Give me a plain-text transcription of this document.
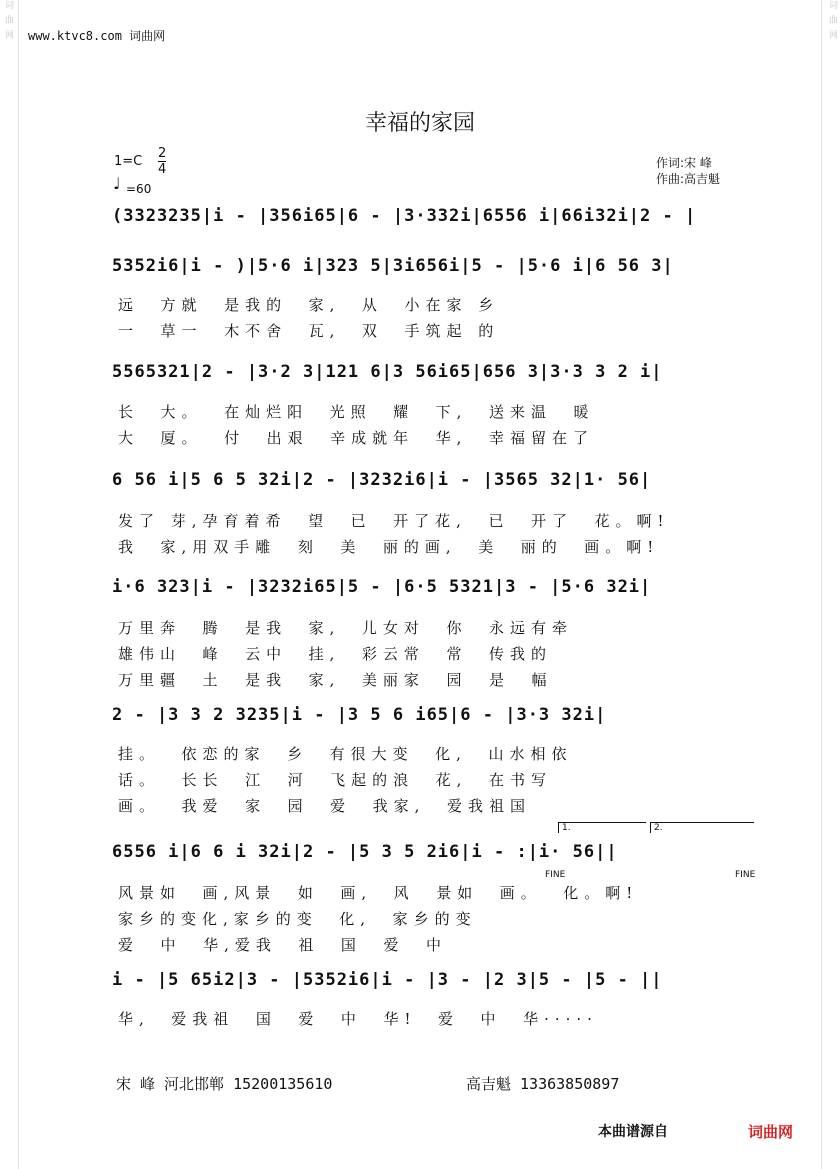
词曲网	词曲网
www.ktvc8.com 词曲网
幸福的家园
$1=C \frac{2}{4}$
♩ =60
作词:宋 峰
作曲:高吉魁
(3323235|i - |356i65|6 - |3·332i|6556 i|66i32i|2 - |
5352i6|i - )|5·6 i|323 5|3i656i|5 - |5·6 i|6 56 3|
远  方就  是我的  家,  从  小在家 乡
一  草一  木不舍  瓦,  双  手筑起 的
5565321|2 - |3·2 3|121 6|3 56i65|656 3|3·3 3 2 i|
长  大。  在灿烂阳  光照  耀  下,  送来温  暖
大  厦。  付  出艰  辛成就年  华,  幸福留在了
6 56 i|5 6 5 32i|2 - |3232i6|i - |3565 32|1· 56|
发了 芽,孕育着希  望  已  开了花,  已  开了  花。啊!
我  家,用双手雕  刻  美  丽的画,  美  丽的  画。啊!
i·6 323|i - |3232i65|5 - |6·5 5321|3 - |5·6 32i|
万里奔  腾  是我  家,  儿女对  你  永远有牵
雄伟山  峰  云中  挂,  彩云常  常  传我的
万里疆  土  是我  家,  美丽家  园  是  幅
2 - |3 3 2 3235|i - |3 5 6 i65|6 - |3·3 32i|
挂。  依恋的家  乡  有很大变  化,  山水相依
话。  长长  江  河  飞起的浪  花,  在书写
画。  我爱  家  园  爱  我家,  爱我祖国
1.	2.
6556 i|6 6 i 32i|2 - |5 3 5 2i6|i - :|i· 56||
FINE	FINE
风景如  画,风景  如  画,  风  景如  画。  化。啊!
家乡的变化,家乡的变  化,  家乡的变
爱  中  华,爱我  祖  国  爱  中
i - |5 65i2|3 - |5352i6|i - |3 - |2 3|5 - |5 - ||
华,  爱我祖  国  爱  中  华!  爱  中  华·····
宋 峰 河北邯郸 15200135610	高吉魁 13363850897
本曲谱源自	词曲网
